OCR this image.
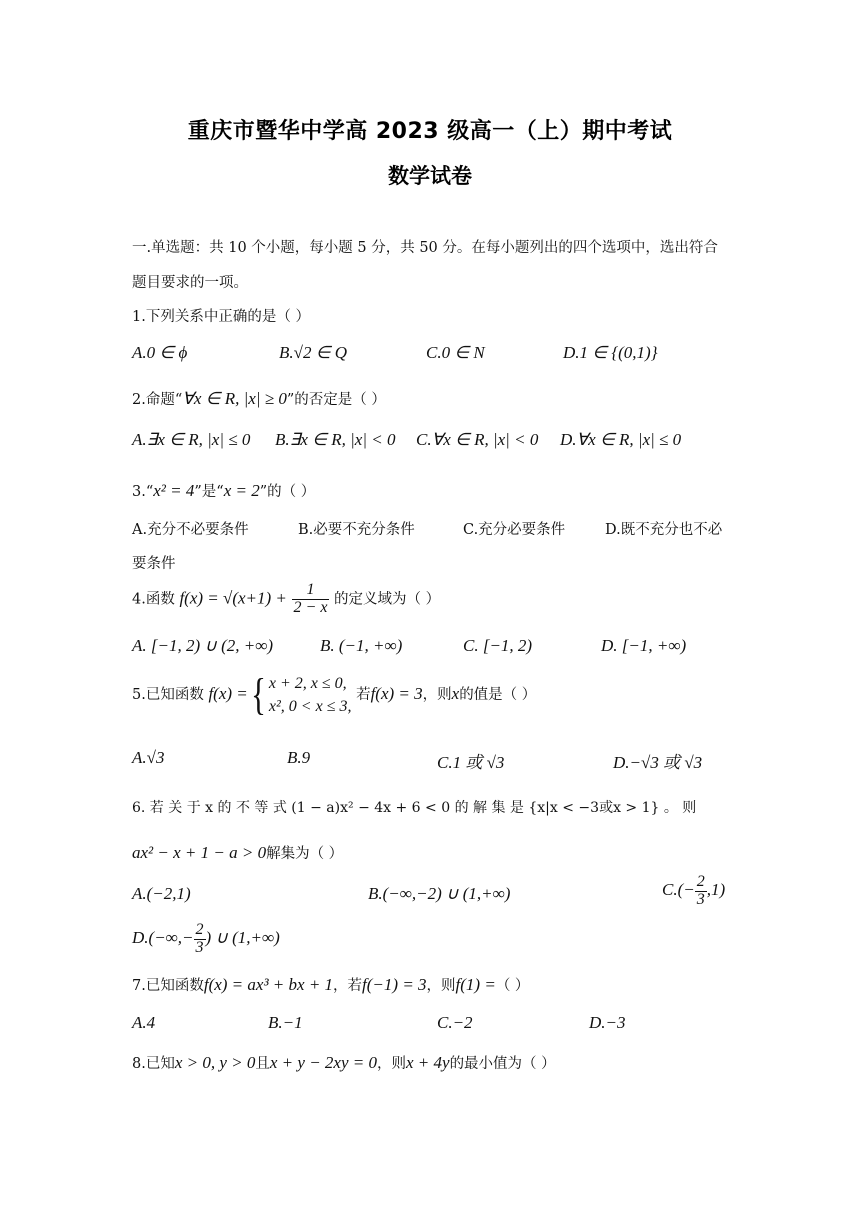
重庆市暨华中学高 2023 级高一（上）期中考试
数学试卷
一.单选题：共 10 个小题，每小题 5 分，共 50 分。在每小题列出的四个选项中，选出符合
题目要求的一项。
1.下列关系中正确的是（ ）
A.0 ∈ ϕ	B.√2 ∈ Q	C.0 ∈ N	D.1 ∈ {(0,1)}
2.命题“∀x ∈ R, |x| ≥ 0”的否定是（ ）
A.∃x ∈ R, |x| ≤ 0 B.∃x ∈ R, |x| < 0 C.∀x ∈ R, |x| < 0 D.∀x ∈ R, |x| ≤ 0
3.“x² = 4”是“x = 2”的（ ）
A.充分不必要条件	B.必要不充分条件	C.充分必要条件	D.既不充分也不必
要条件
4.函数 $f(x) = √(x+1) + \frac{1}{2 - x}$ 的定义域为（ ）
A. [−1, 2) ∪ (2, +∞)	B. (−1, +∞)	C. [−1, 2)	D. [−1, +∞)
5.已知函数 f(x) ={ x + 2, x ≤ 0,
x², 0 < x ≤ 3,
若f(x) = 3，则x的值是（ ）
A.√3	B.9	C.1 或 √3	D.−√3 或 √3
6. 若 关 于 x 的 不 等 式 (1 − a)x² − 4x + 6 < 0 的 解 集 是 {x|x < −3或x > 1} 。 则
ax² − x + 1 − a > 0解集为（ ）
A.(−2,1)	B.(−∞,−2) ∪ (1,+∞)	$C.(- \frac{2}{3} ,1)$
$D.(-\infty,- \frac{2}{3}$ ) ∪ (1,+∞)
7.已知函数f(x) = ax³ + bx + 1，若f(−1) = 3，则f(1) =（ ）
A.4	B.−1	C.−2	D.−3
8.已知x > 0, y > 0且x + y − 2xy = 0，则x + 4y的最小值为（ ）
